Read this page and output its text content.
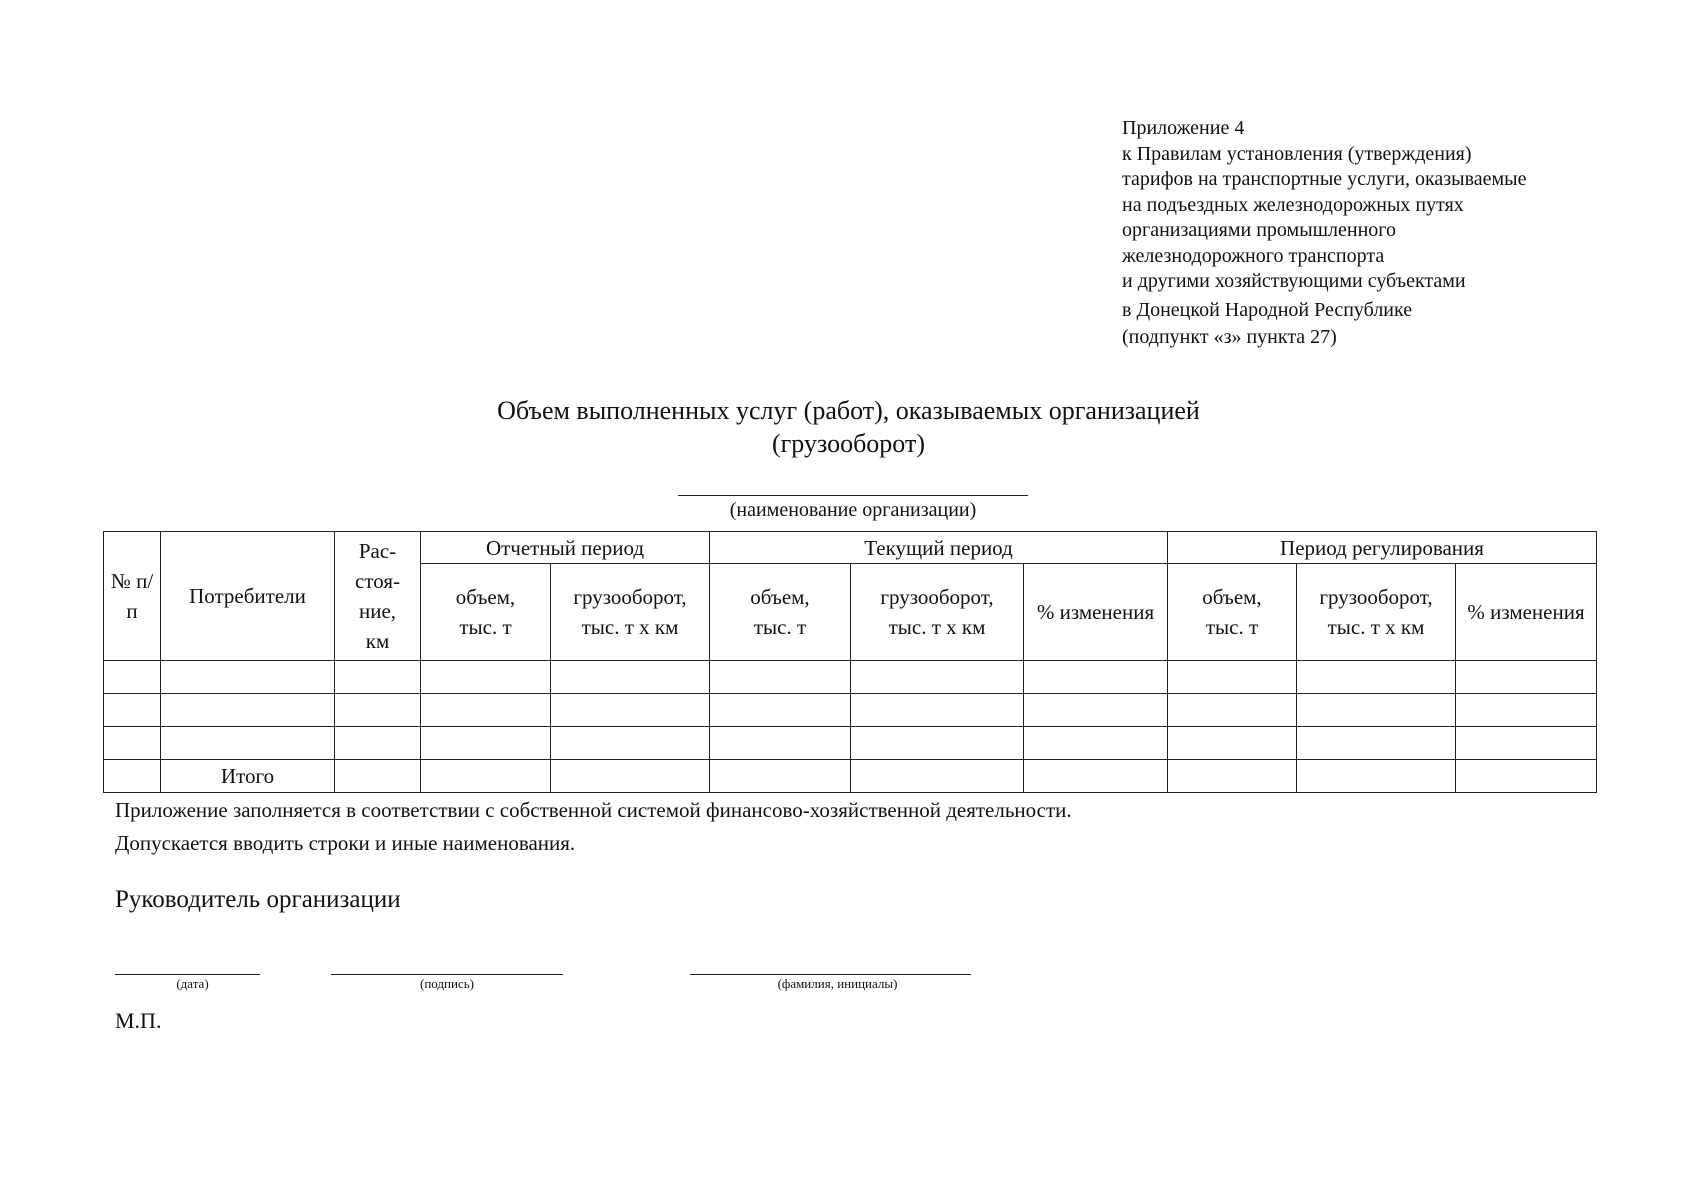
Приложение 4
к Правилам установления (утверждения)
тарифов на транспортные услуги, оказываемые
на подъездных железнодорожных путях
организациями промышленного
железнодорожного транспорта
и другими хозяйствующими субъектами
в Донецкой Народной Республике
(подпункт «з» пункта 27)
Объем выполненных услуг (работ), оказываемых организацией
(грузооборот)
(наименование организации)
№ п/п	Потребители	Рас-стоя-ние, км	Отчетный период		Текущий период			Период регулирования		
			объем, тыс. т	грузооборот, тыс. т х км	объем, тыс. т	грузооборот, тыс. т х км	% изменения	объем, тыс. т	грузооборот, тыс. т х км	% изменения

	Итого									
Приложение заполняется в соответствии с собственной системой финансово-хозяйственной деятельности.
Допускается вводить строки и иные наименования.
Руководитель организации
(дата)	(подпись)	(фамилия, инициалы)
М.П.
